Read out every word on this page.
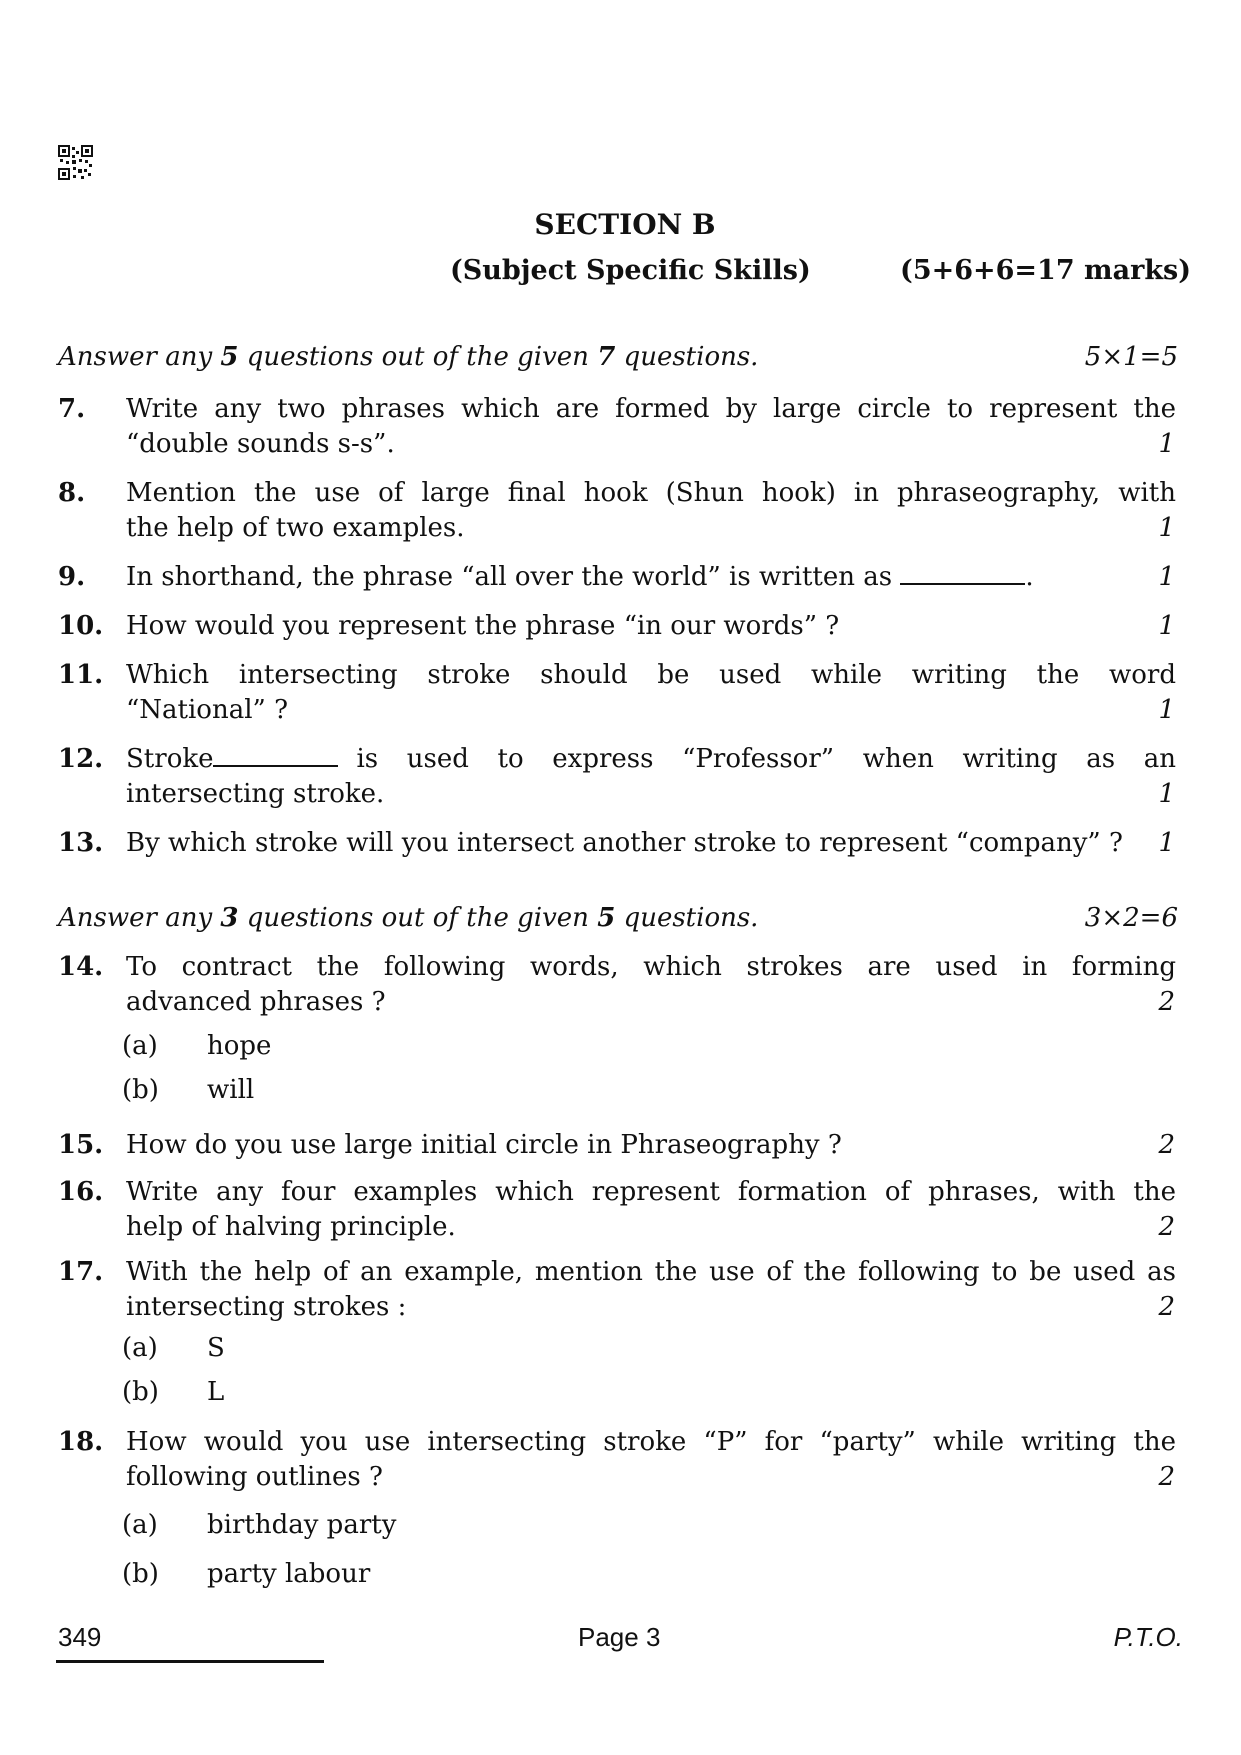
SECTION B
(Subject Specific Skills)	(5+6+6=17 marks)
Answer any 5 questions out of the given 7 questions.	5×1=5
7. Write any two phrases which are formed by large circle to represent the
“double sounds s-s”.	1
8. Mention the use of large final hook (Shun hook) in phraseography, with
the help of two examples.	1
9. In shorthand, the phrase “all over the world” is written as	.	1
10. How would you represent the phrase “in our words” ?	1
11. Which intersecting stroke should be used while writing the word
“National” ?	1
12. Stroke	is used to express “Professor” when writing as an
intersecting stroke.	1
13. By which stroke will you intersect another stroke to represent “company” ?	1
Answer any 3 questions out of the given 5 questions.	3×2=6
14. To contract the following words, which strokes are used in forming
advanced phrases ?	2
(a) hope
(b) will
15. How do you use large initial circle in Phraseography ?	2
16. Write any four examples which represent formation of phrases, with the
help of halving principle.	2
17. With the help of an example, mention the use of the following to be used as
intersecting strokes :	2
(a) S
(b) L
18. How would you use intersecting stroke “P” for “party” while writing the
following outlines ?	2
(a) birthday party
(b) party labour
349	Page 3	P.T.O.
